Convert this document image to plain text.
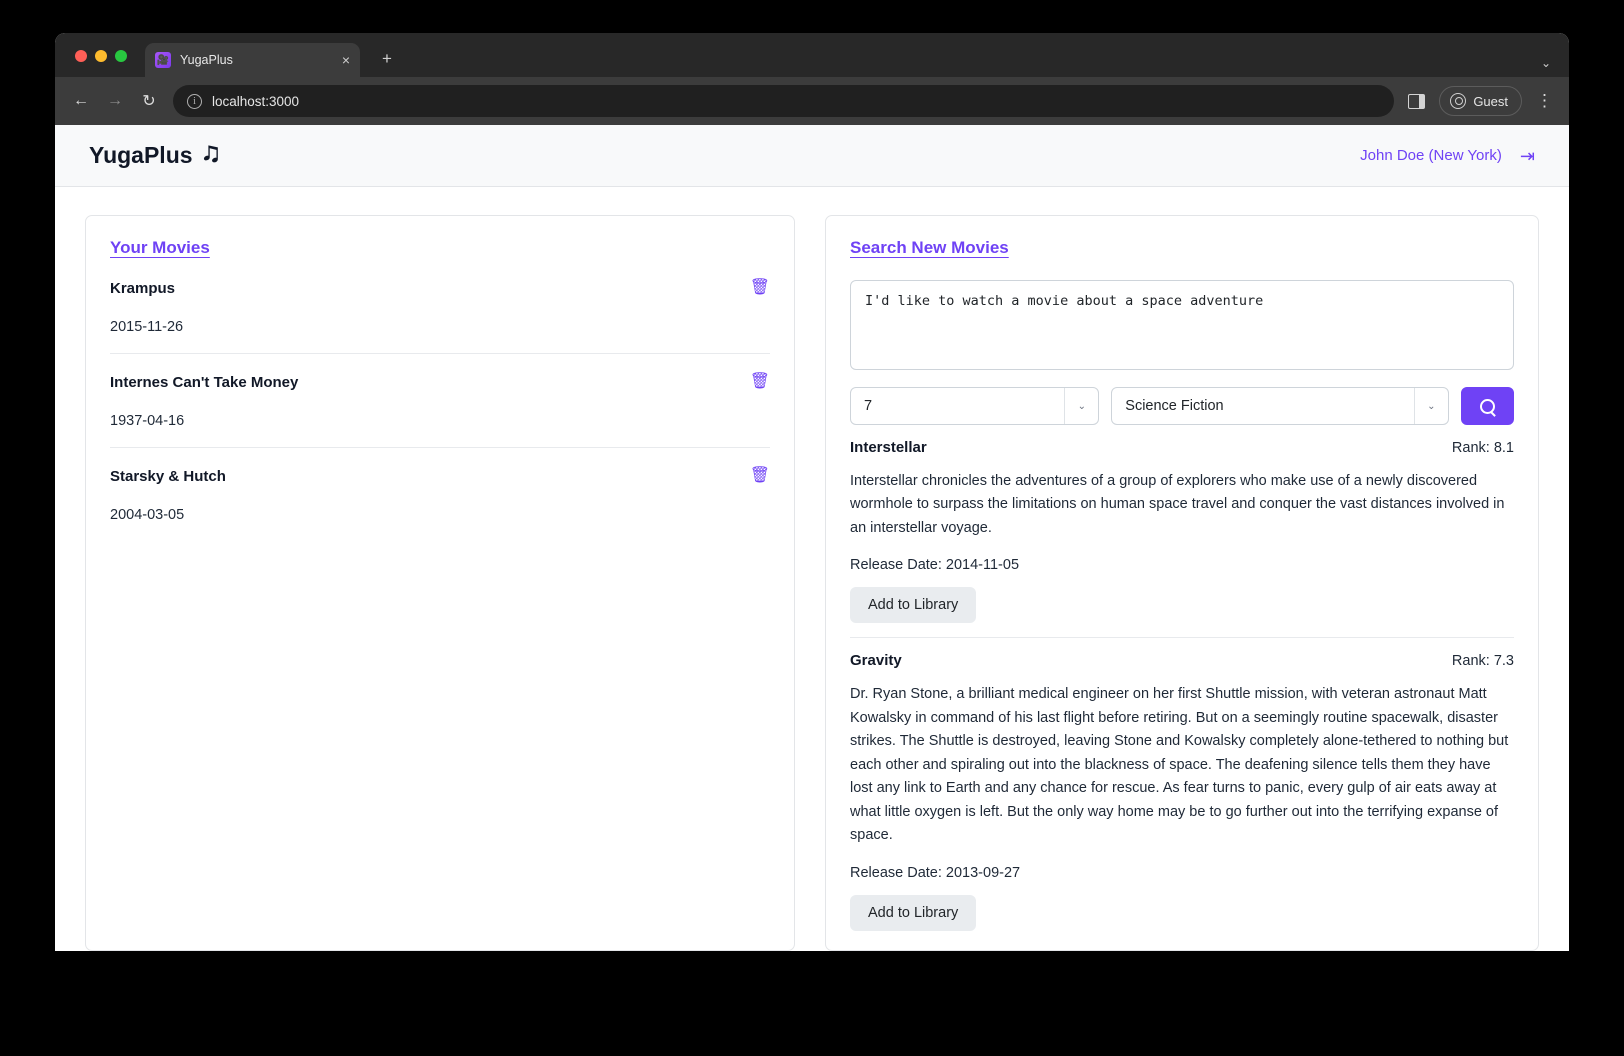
🎥 YugaPlus	× +	⌄
← → ↻	i	localhost:3000	Guest ⋮
YugaPlus 🎝	John Doe (New York) ⇥
Your Movies
Krampus	🗑
2015-11-26
Internes Can't Take Money	🗑
1937-04-16
Starsky & Hutch	🗑
2004-03-05
Search New Movies I'd like to watch a movie about a space adventure
7	⌄	Science Fiction	⌄
Interstellar	Rank: 8.1
Interstellar chronicles the adventures of a group of explorers who make use of a newly discovered wormhole to surpass the limitations on human space travel and conquer the vast distances involved in an interstellar voyage.
Release Date: 2014-11-05
Add to Library
Gravity	Rank: 7.3
Dr. Ryan Stone, a brilliant medical engineer on her first Shuttle mission, with veteran astronaut Matt Kowalsky in command of his last flight before retiring. But on a seemingly routine spacewalk, disaster strikes. The Shuttle is destroyed, leaving Stone and Kowalsky completely alone-tethered to nothing but each other and spiraling out into the blackness of space. The deafening silence tells them they have lost any link to Earth and any chance for rescue. As fear turns to panic, every gulp of air eats away at what little oxygen is left. But the only way home may be to go further out into the terrifying expanse of space.
Release Date: 2013-09-27
Add to Library
